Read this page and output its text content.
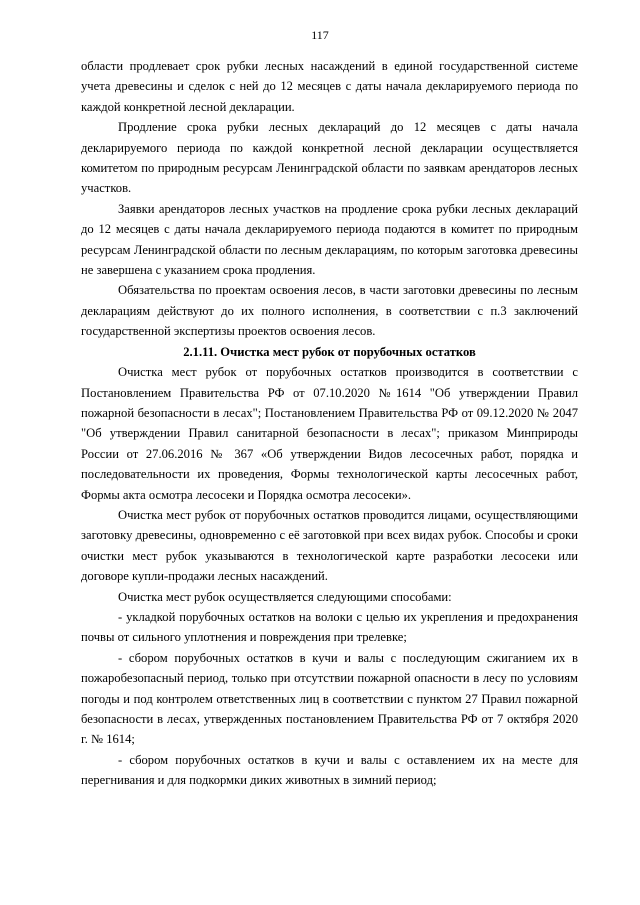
117

области продлевает срок рубки лесных насаждений в единой государственной системе учета древесины и сделок с ней до 12 месяцев с даты начала декларируемого периода по каждой конкретной лесной декларации.

Продление срока рубки лесных деклараций до 12 месяцев с даты начала декларируемого периода по каждой конкретной лесной декларации осуществляется комитетом по природным ресурсам Ленинградской области по заявкам арендаторов лесных участков.

Заявки арендаторов лесных участков на продление срока рубки лесных деклараций до 12 месяцев с даты начала декларируемого периода подаются в комитет по природным ресурсам Ленинградской области по лесным декларациям, по которым заготовка древесины не завершена с указанием срока продления.

Обязательства по проектам освоения лесов, в части заготовки древесины по лесным декларациям действуют до их полного исполнения, в соответствии с п.3 заключений государственной экспертизы проектов освоения лесов.

2.1.11. Очистка мест рубок от порубочных остатков

Очистка мест рубок от порубочных остатков производится в соответствии с Постановлением Правительства РФ от 07.10.2020 №1614 "Об утверждении Правил пожарной безопасности в лесах"; Постановлением Правительства РФ от 09.12.2020 № 2047 "Об утверждении Правил санитарной безопасности в лесах"; приказом Минприроды России от 27.06.2016 № 367 «Об утверждении Видов лесосечных работ, порядка и последовательности их проведения, Формы технологической карты лесосечных работ, Формы акта осмотра лесосеки и Порядка осмотра лесосеки».

Очистка мест рубок от порубочных остатков проводится лицами, осуществляющими заготовку древесины, одновременно с её заготовкой при всех видах рубок. Способы и сроки очистки мест рубок указываются в технологической карте разработки лесосеки или договоре купли-продажи лесных насаждений.

Очистка мест рубок осуществляется следующими способами:

- укладкой порубочных остатков на волоки с целью их укрепления и предохранения почвы от сильного уплотнения и повреждения при трелевке;

- сбором порубочных остатков в кучи и валы с последующим сжиганием их в пожаробезопасный период, только при отсутствии пожарной опасности в лесу по условиям погоды и под контролем ответственных лиц в соответствии с пунктом 27 Правил пожарной безопасности в лесах, утвержденных постановлением Правительства РФ от 7 октября 2020 г. № 1614;

- сбором порубочных остатков в кучи и валы с оставлением их на месте для перегнивания и для подкормки диких животных в зимний период;
